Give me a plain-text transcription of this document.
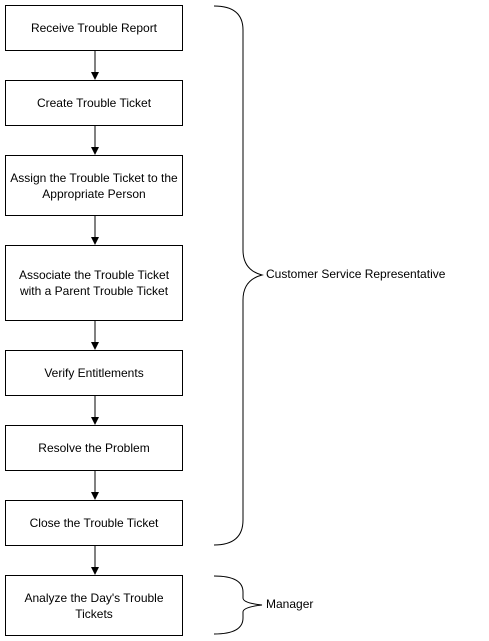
Receive Trouble Report
Create Trouble Ticket
Assign the Trouble Ticket to the Appropriate Person
Associate the Trouble Ticket with a Parent Trouble Ticket
Verify Entitlements
Resolve the Problem
Close the Trouble Ticket
Analyze the Day's Trouble Tickets
Customer Service Representative
Manager
